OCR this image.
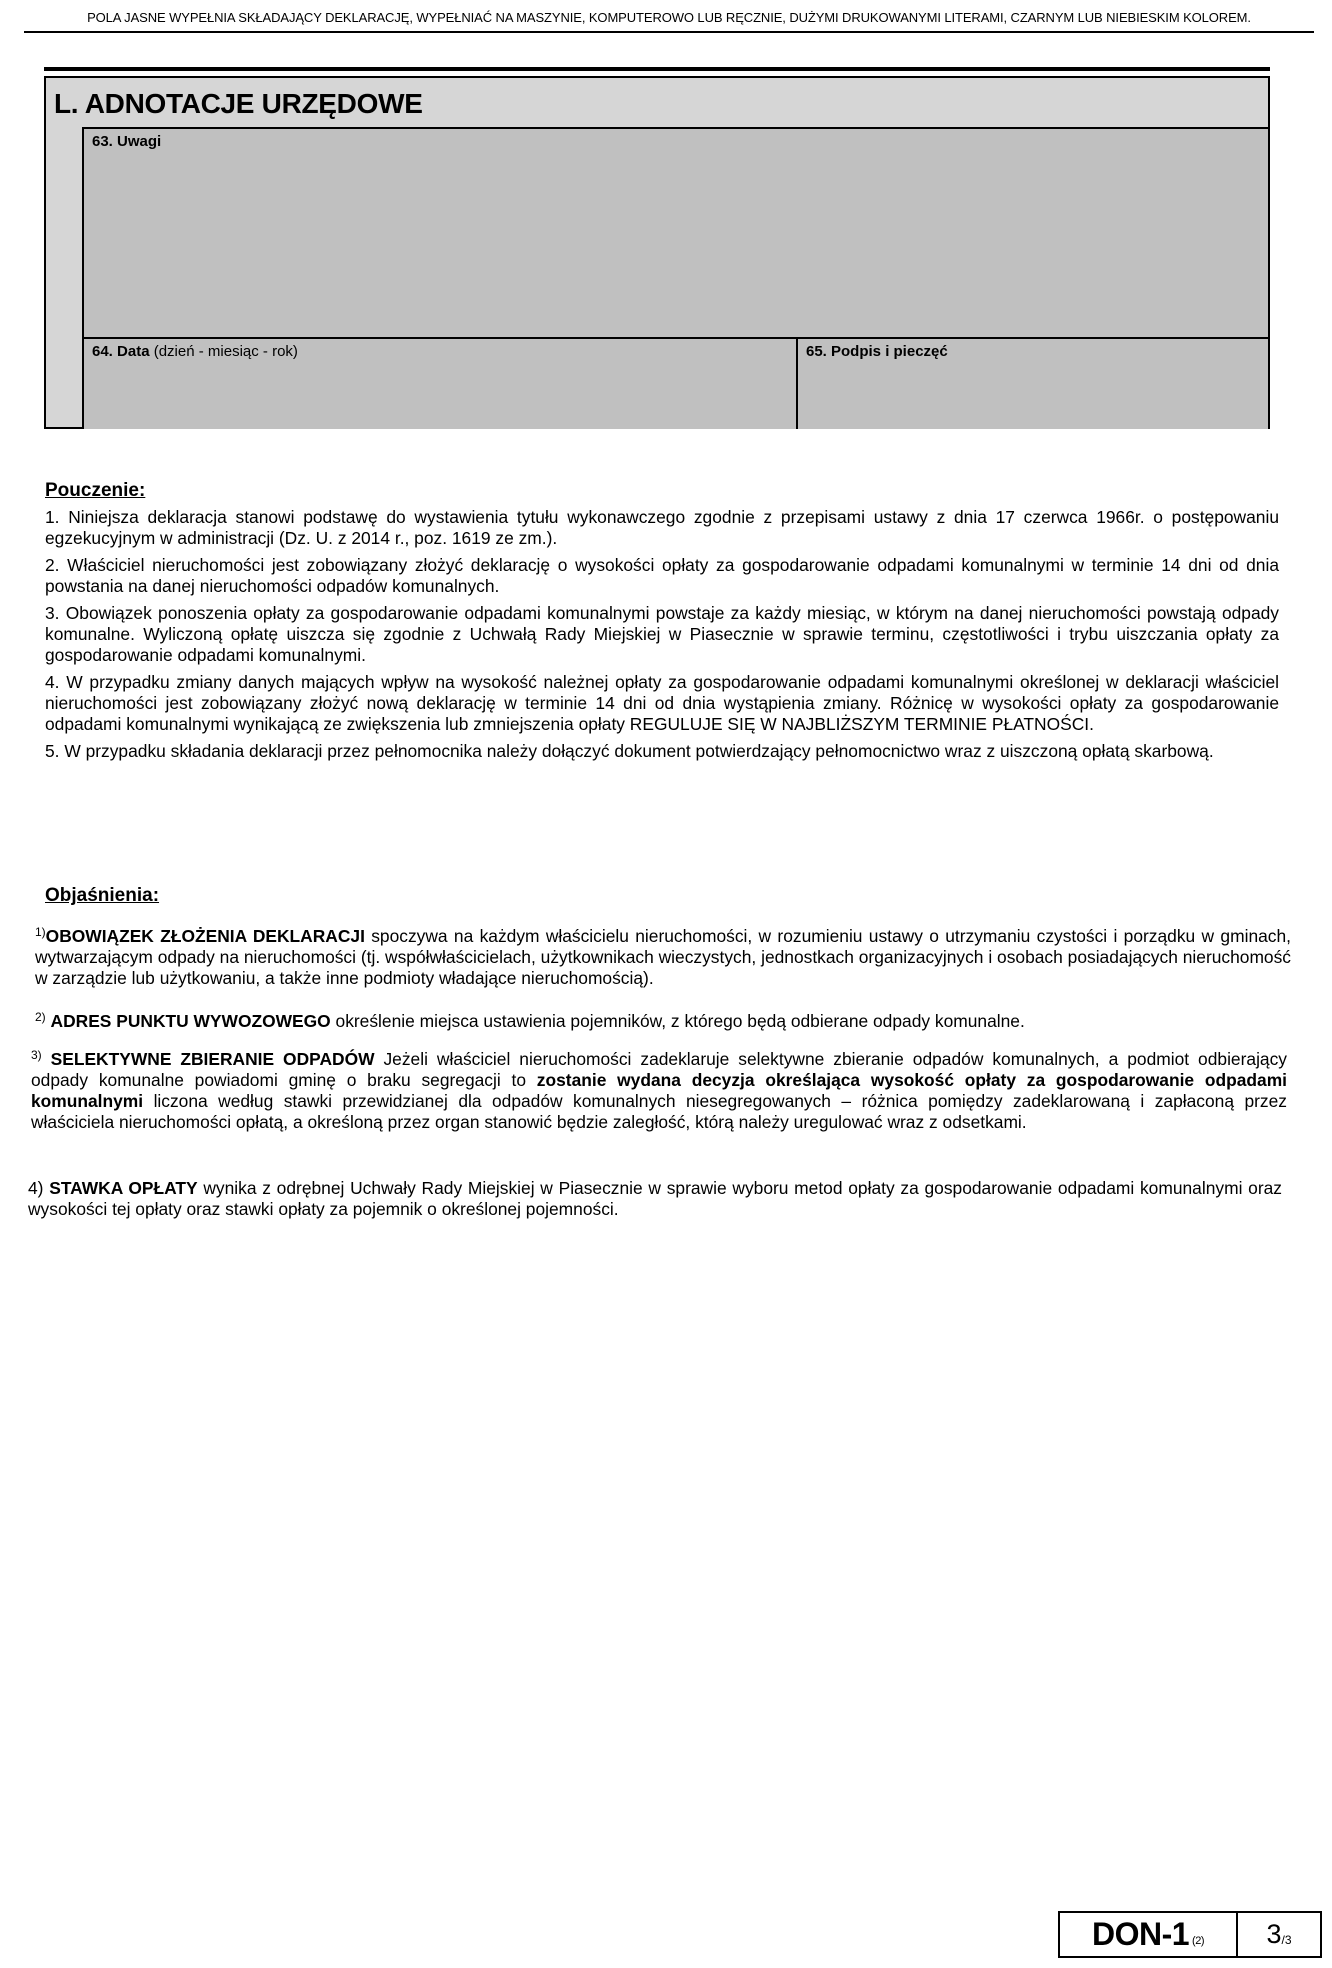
POLA JASNE WYPEŁNIA SKŁADAJĄCY DEKLARACJĘ, WYPEŁNIAĆ NA MASZYNIE, KOMPUTEROWO LUB RĘCZNIE, DUŻYMI DRUKOWANYMI LITERAMI, CZARNYM LUB NIEBIESKIM KOLOREM.
L. ADNOTACJE URZĘDOWE
63. Uwagi
64. Data (dzień - miesiąc - rok)	65. Podpis i pieczęć
Pouczenie:

1. Niniejsza deklaracja stanowi podstawę do wystawienia tytułu wykonawczego zgodnie z przepisami ustawy z dnia 17 czerwca 1966r. o postępowaniu egzekucyjnym w administracji (Dz. U. z 2014 r., poz. 1619 ze zm.).

2. Właściciel nieruchomości jest zobowiązany złożyć deklarację o wysokości opłaty za gospodarowanie odpadami komunalnymi w terminie 14 dni od dnia powstania na danej nieruchomości odpadów komunalnych.

3. Obowiązek ponoszenia opłaty za gospodarowanie odpadami komunalnymi powstaje za każdy miesiąc, w którym na danej nieruchomości powstają odpady komunalne. Wyliczoną opłatę uiszcza się zgodnie z Uchwałą Rady Miejskiej w Piasecznie w sprawie terminu, częstotliwości i trybu uiszczania opłaty za gospodarowanie odpadami komunalnymi.

4. W przypadku zmiany danych mających wpływ na wysokość należnej opłaty za gospodarowanie odpadami komunalnymi określonej w deklaracji właściciel nieruchomości jest zobowiązany złożyć nową deklarację w terminie 14 dni od dnia wystąpienia zmiany. Różnicę w wysokości opłaty za gospodarowanie odpadami komunalnymi wynikającą ze zwiększenia lub zmniejszenia opłaty REGULUJE SIĘ W NAJBLIŻSZYM TERMINIE PŁATNOŚCI.

5. W przypadku składania deklaracji przez pełnomocnika należy dołączyć dokument potwierdzający pełnomocnictwo wraz z uiszczoną opłatą skarbową.

Objaśnienia:
$^{1)}$OBOWIĄZEK ZŁOŻENIA DEKLARACJI spoczywa na każdym właścicielu nieruchomości, w rozumieniu ustawy o utrzymaniu czystości i porządku w gminach, wytwarzającym odpady na nieruchomości (tj. współwłaścicielach, użytkownikach wieczystych, jednostkach organizacyjnych i osobach posiadających nieruchomość w zarządzie lub użytkowaniu, a także inne podmioty władające nieruchomością).
$^{2)}$ ADRES PUNKTU WYWOZOWEGO określenie miejsca ustawienia pojemników, z którego będą odbierane odpady komunalne.
$^{3)}$ SELEKTYWNE ZBIERANIE ODPADÓW Jeżeli właściciel nieruchomości zadeklaruje selektywne zbieranie odpadów komunalnych, a podmiot odbierający odpady komunalne powiadomi gminę o braku segregacji to zostanie wydana decyzja określająca wysokość opłaty za gospodarowanie odpadami komunalnymi liczona według stawki przewidzianej dla odpadów komunalnych niesegregowanych – różnica pomiędzy zadeklarowaną i zapłaconą przez właściciela nieruchomości opłatą, a określoną przez organ stanowić będzie zaległość, którą należy uregulować wraz z odsetkami.
4) STAWKA OPŁATY wynika z odrębnej Uchwały Rady Miejskiej w Piasecznie w sprawie wyboru metod opłaty za gospodarowanie odpadami komunalnymi oraz wysokości tej opłaty oraz stawki opłaty za pojemnik o określonej pojemności.
DON-1 (2) 3 /3
